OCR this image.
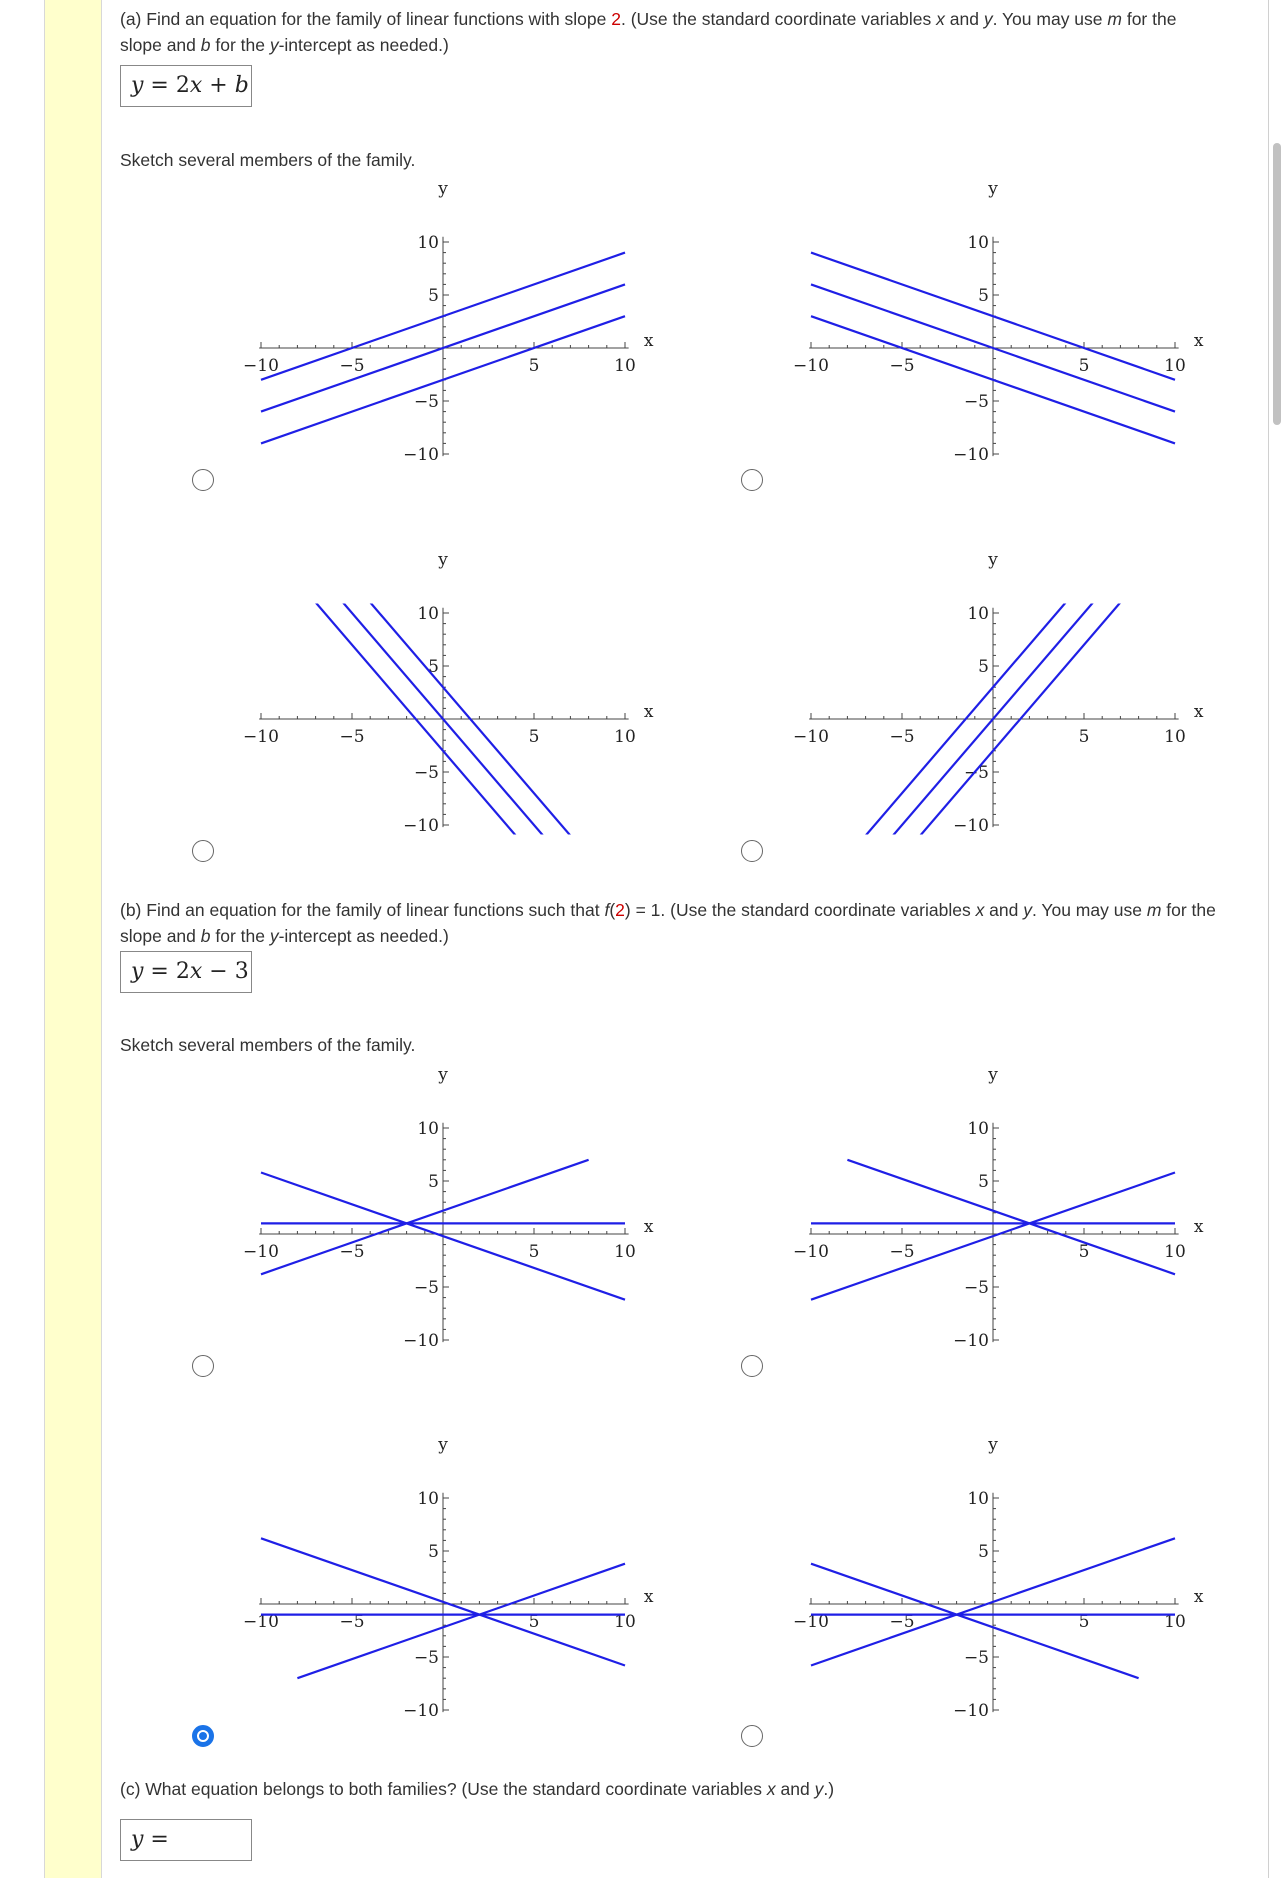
(a) Find an equation for the family of linear functions with slope 2. (Use the standard coordinate variables x and y. You may use m for the slope and b for the y-intercept as needed.)
y = 2x + b
Sketch several members of the family.
(b) Find an equation for the family of linear functions such that f(2) = 1. (Use the standard coordinate variables x and y. You may use m for the slope and b for the y-intercept as needed.)
y = 2x − 3
Sketch several members of the family.
(c) What equation belongs to both families? (Use the standard coordinate variables x and y.)
y =
−10	−5	5	10
10
5
−5
−10
x
y
−10	−5	5	10
10
5
−5
−10
x
y
−10	−5	5	10
10
5
−5
−10
x
y
−10	−5	5	10
10
5
−5
−10
x
y
−10	−5	5	10
10
5
−5
−10
x
y
−10	−5	5	10
10
5
−5
−10
x
y
−10	−5	5	10
10
5
−5
−10
x
y
−10	−5	5	10
10
5
−5
−10
x
y
